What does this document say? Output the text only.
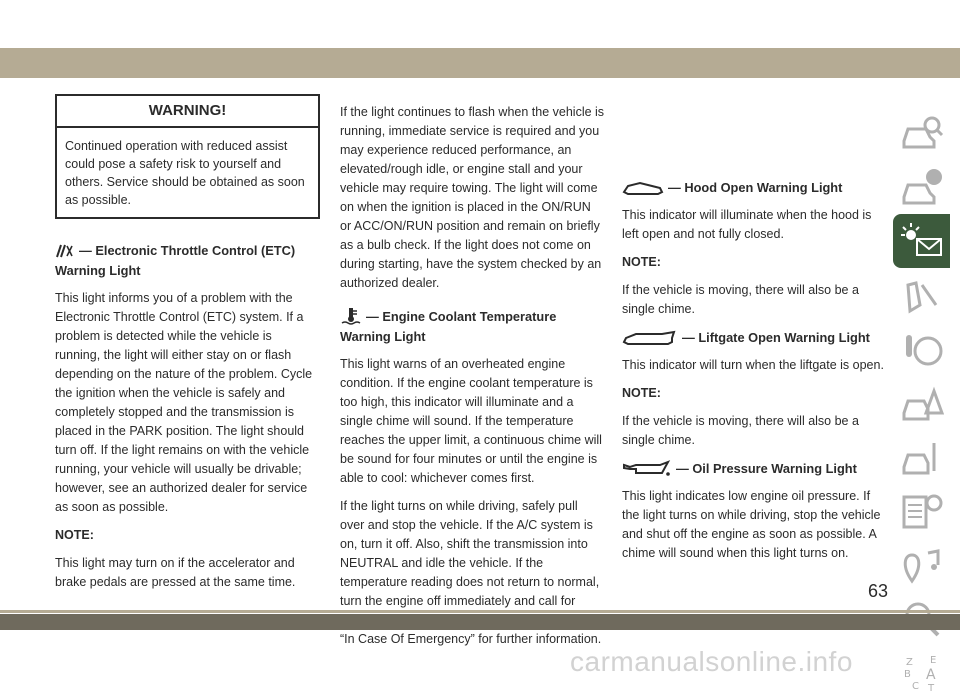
WARNING!
Continued operation with reduced assist could pose a safety risk to yourself and others. Service should be obtained as soon as possible.
— Electronic Throttle Control (ETC) Warning Light

This light informs you of a problem with the Electronic Throttle Control (ETC) system. If a problem is detected while the vehicle is running, the light will either stay on or flash depending on the nature of the problem. Cycle the ignition when the vehicle is safely and completely stopped and the transmission is placed in the PARK position. The light should turn off. If the light remains on with the vehicle running, your vehicle will usually be drivable; however, see an authorized dealer for service as soon as possible.

NOTE:

This light may turn on if the accelerator and brake pedals are pressed at the same time.

If the light continues to flash when the vehicle is running, immediate service is required and you may experience reduced performance, an elevated/rough idle, or engine stall and your vehicle may require towing. The light will come on when the ignition is placed in the ON/RUN or ACC/ON/RUN position and remain on briefly as a bulb check. If the light does not come on during starting, have the system checked by an authorized dealer.

— Engine Coolant Temperature Warning Light

This light warns of an overheated engine condition. If the engine coolant temperature is too high, this indicator will illuminate and a single chime will sound. If the temperature reaches the upper limit, a continuous chime will be sound for four minutes or until the engine is able to cool: whichever comes first.

If the light turns on while driving, safely pull over and stop the vehicle. If the A/C system is on, turn it off. Also, shift the transmission into NEUTRAL and idle the vehicle. If the temperature reading does not return to normal, turn the engine off immediately and call for “In Case Of Emergency” for further information.

— Hood Open Warning Light

This indicator will illuminate when the hood is left open and not fully closed.

NOTE:

If the vehicle is moving, there will also be a single chime.

— Liftgate Open Warning Light

This indicator will turn when the liftgate is open.

NOTE:

If the vehicle is moving, there will also be a single chime.

— Oil Pressure Warning Light

This light indicates low engine oil pressure. If the light turns on while driving, stop the vehicle and shut off the engine as soon as possible. A chime will sound when this light turns on.

Z E
B A
C T
63
carmanualsonline.info
